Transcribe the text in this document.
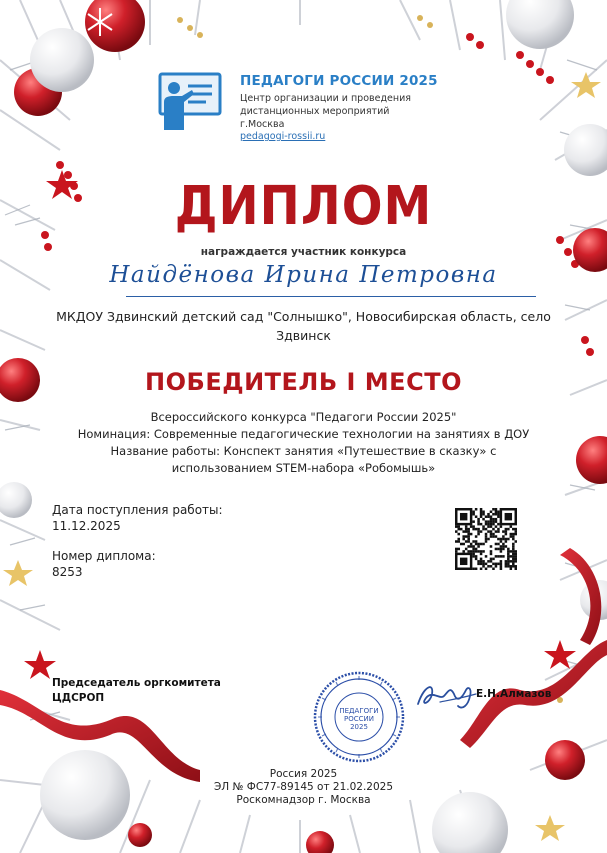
ПЕДАГОГИ РОССИИ 2025
Центр организации и проведения
дистанционных мероприятий
г.Москва
pedagogi-rossii.ru
ДИПЛОМ
награждается участник конкурса
Найдёнова Ирина Петровна
МКДОУ Здвинский детский сад "Солнышко", Новосибирская область, село Здвинск
ПОБЕДИТЕЛЬ I МЕСТО
Всероссийского конкурса "Педагоги России 2025"
Номинация: Современные педагогические технологии на занятиях в ДОУ
Название работы: Конспект занятия «Путешествие в сказку» с
использованием STEM-набора «Робомышь»
Дата поступления работы:
11.12.2025
Номер диплома:
8253
Председатель оргкомитета
ЦДСРОП
ПЕДАГОГИ
РОССИИ
2025
Е.Н.Алмазов
Россия 2025
ЭЛ № ФС77-89145 от 21.02.2025
Роскомнадзор г. Москва
